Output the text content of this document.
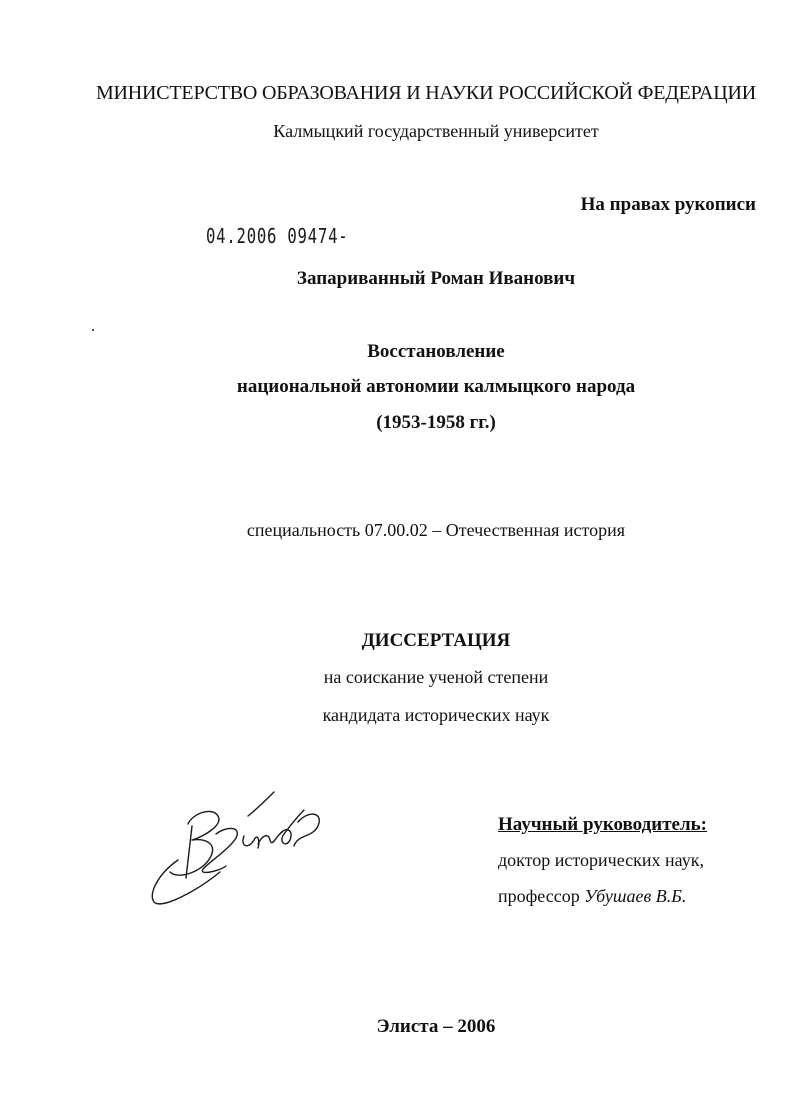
МИНИСТЕРСТВО ОБРАЗОВАНИЯ И НАУКИ РОССИЙСКОЙ ФЕДЕРАЦИИ
Калмыцкий государственный университет
На правах рукописи
04.2006 09474-
Запариванный Роман Иванович
Восстановление
национальной автономии калмыцкого народа
(1953-1958 гг.)
специальность 07.00.02 – Отечественная история
ДИССЕРТАЦИЯ
на соискание ученой степени
кандидата исторических наук
Научный руководитель:
доктор исторических наук,
профессор Убушаев В.Б.
Элиста – 2006
